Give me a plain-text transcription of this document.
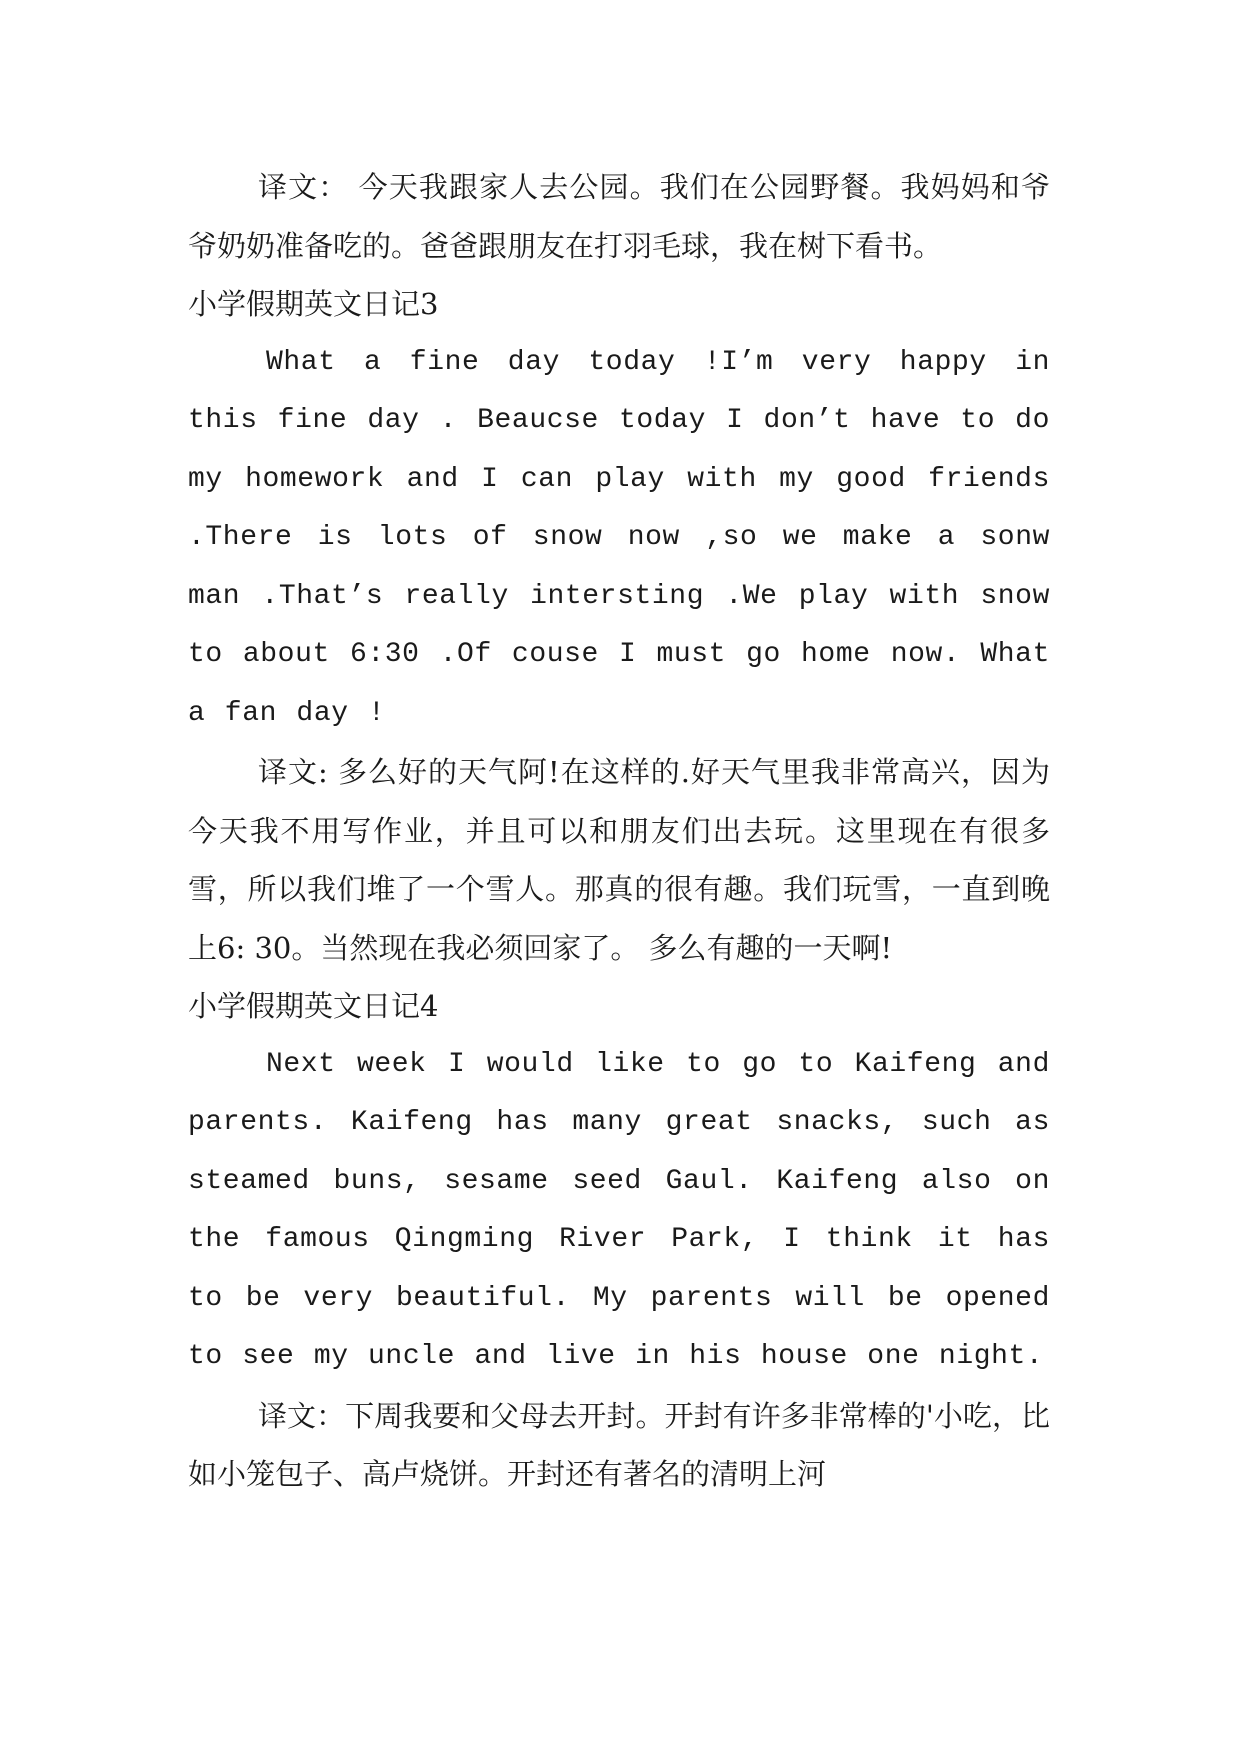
译文： 今天我跟家人去公园。我们在公园野餐。我妈妈和爷爷奶奶准备吃的。爸爸跟朋友在打羽毛球，我在树下看书。

小学假期英文日记3

What a fine day today !I’m very happy in this fine day . Beaucse today I don’t have to do my homework and I can play with my good friends .There is lots of snow now ,so we make a sonw man .That’s really intersting .We play with snow to about 6:30 .Of couse I must go home now. What a fan day !

译文: 多么好的天气阿!在这样的.好天气里我非常高兴，因为今天我不用写作业，并且可以和朋友们出去玩。这里现在有很多雪，所以我们堆了一个雪人。那真的很有趣。我们玩雪，一直到晚上6: 30。当然现在我必须回家了。 多么有趣的一天啊!

小学假期英文日记4

Next week I would like to go to Kaifeng and parents. Kaifeng has many great snacks, such as steamed buns, sesame seed Gaul. Kaifeng also on the famous Qingming River Park, I think it has to be very beautiful. My parents will be opened to see my uncle and live in his house one night.

译文：下周我要和父母去开封。开封有许多非常棒的'小吃，比如小笼包子、高卢烧饼。开封还有著名的清明上河
